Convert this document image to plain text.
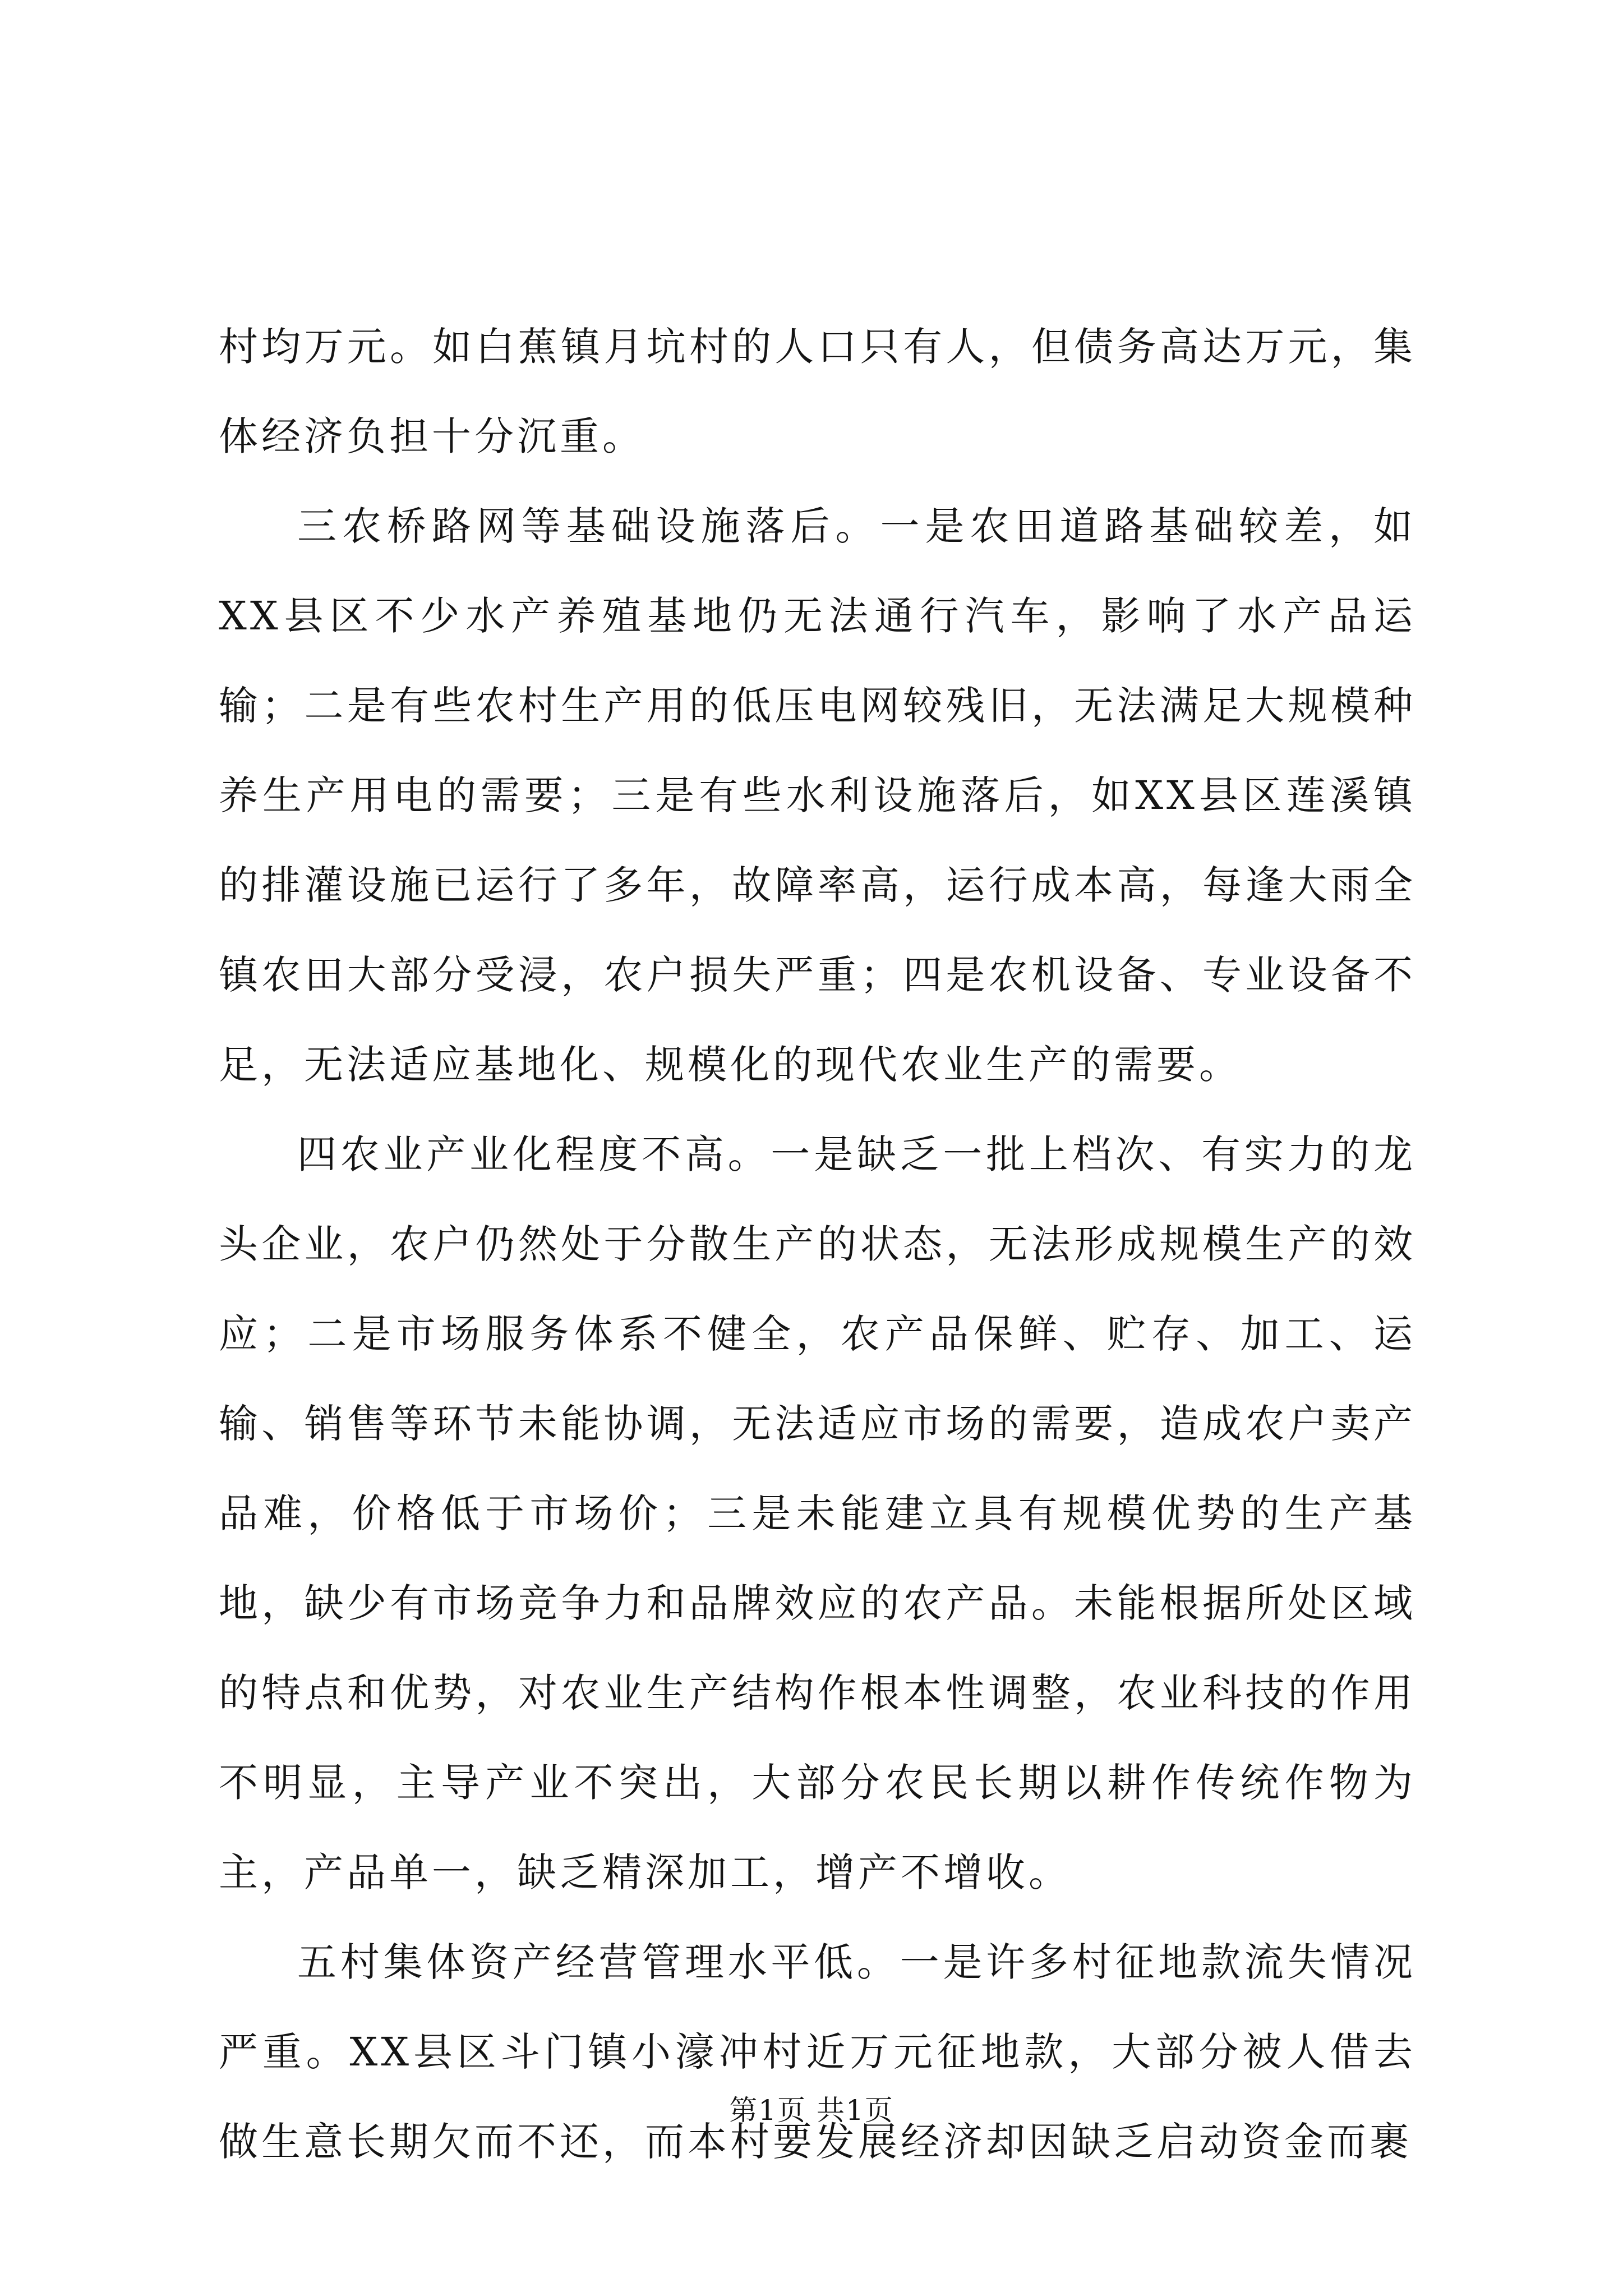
村均万元。如白蕉镇月坑村的人口只有人，但债务高达万元，集体经济负担十分沉重。

三农桥路网等基础设施落后。一是农田道路基础较差，如XX县区不少水产养殖基地仍无法通行汽车，影响了水产品运输；二是有些农村生产用的低压电网较残旧，无法满足大规模种养生产用电的需要；三是有些水利设施落后，如XX县区莲溪镇的排灌设施已运行了多年，故障率高，运行成本高，每逢大雨全镇农田大部分受浸，农户损失严重；四是农机设备、专业设备不足，无法适应基地化、规模化的现代农业生产的需要。

四农业产业化程度不高。一是缺乏一批上档次、有实力的龙头企业，农户仍然处于分散生产的状态，无法形成规模生产的效应；二是市场服务体系不健全，农产品保鲜、贮存、加工、运输、销售等环节未能协调，无法适应市场的需要，造成农户卖产品难，价格低于市场价；三是未能建立具有规模优势的生产基地，缺少有市场竞争力和品牌效应的农产品。未能根据所处区域的特点和优势，对农业生产结构作根本性调整，农业科技的作用不明显，主导产业不突出，大部分农民长期以耕作传统作物为主，产品单一，缺乏精深加工，增产不增收。

五村集体资产经营管理水平低。一是许多村征地款流失情况严重。XX县区斗门镇小濠冲村近万元征地款，大部分被人借去做生意长期欠而不还，而本村要发展经济却因缺乏启动资金而裹

第1页 共1页
